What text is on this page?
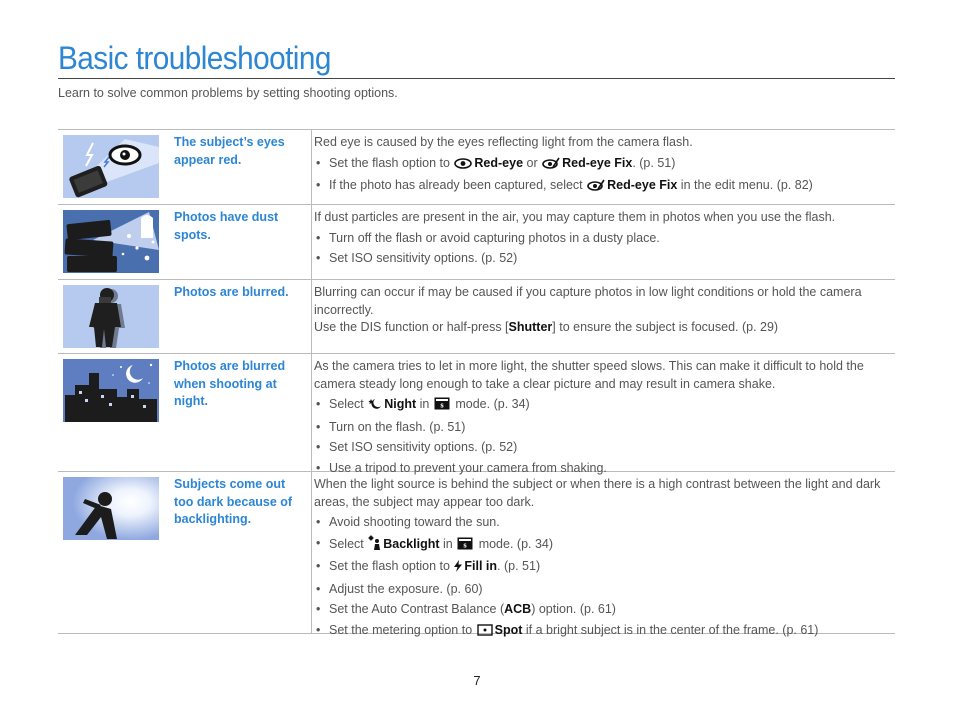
Basic troubleshooting

Learn to solve common problems by setting shooting options.

The subject’s eyes appear red.

Red eye is caused by the eyes reflecting light from the camera flash.

• Set the flash option to Red-eye or Red-eye Fix. (p. 51)
• If the photo has already been captured, select Red-eye Fix in the edit menu. (p. 82)
Photos have dust spots.

If dust particles are present in the air, you may capture them in photos when you use the flash.

• Turn off the flash or avoid capturing photos in a dusty place.
• Set ISO sensitivity options. (p. 52)
Photos are blurred.	Blurring can occur if may be caused if you capture photos in low light conditions or hold the camera incorrectly.

Use the DIS function or half-press [Shutter] to ensure the subject is focused. (p. 29)

Photos are blurred when shooting at night.

As the camera tries to let in more light, the shutter speed slows. This can make it difficult to hold the camera steady long enough to take a clear picture and may result in camera shake.

• Select Night in S mode. (p. 34)
• Turn on the flash. (p. 51)
• Set ISO sensitivity options. (p. 52)
• Use a tripod to prevent your camera from shaking.
Subjects come out too dark because of backlighting.

When the light source is behind the subject or when there is a high contrast between the light and dark areas, the subject may appear too dark.

• Avoid shooting toward the sun.
• Select Backlight in S mode. (p. 34)
• Set the flash option to Fill in. (p. 51)
• Adjust the exposure. (p. 60)
• Set the Auto Contrast Balance (ACB) option. (p. 61)
• Set the metering option to Spot if a bright subject is in the center of the frame. (p. 61)
7
